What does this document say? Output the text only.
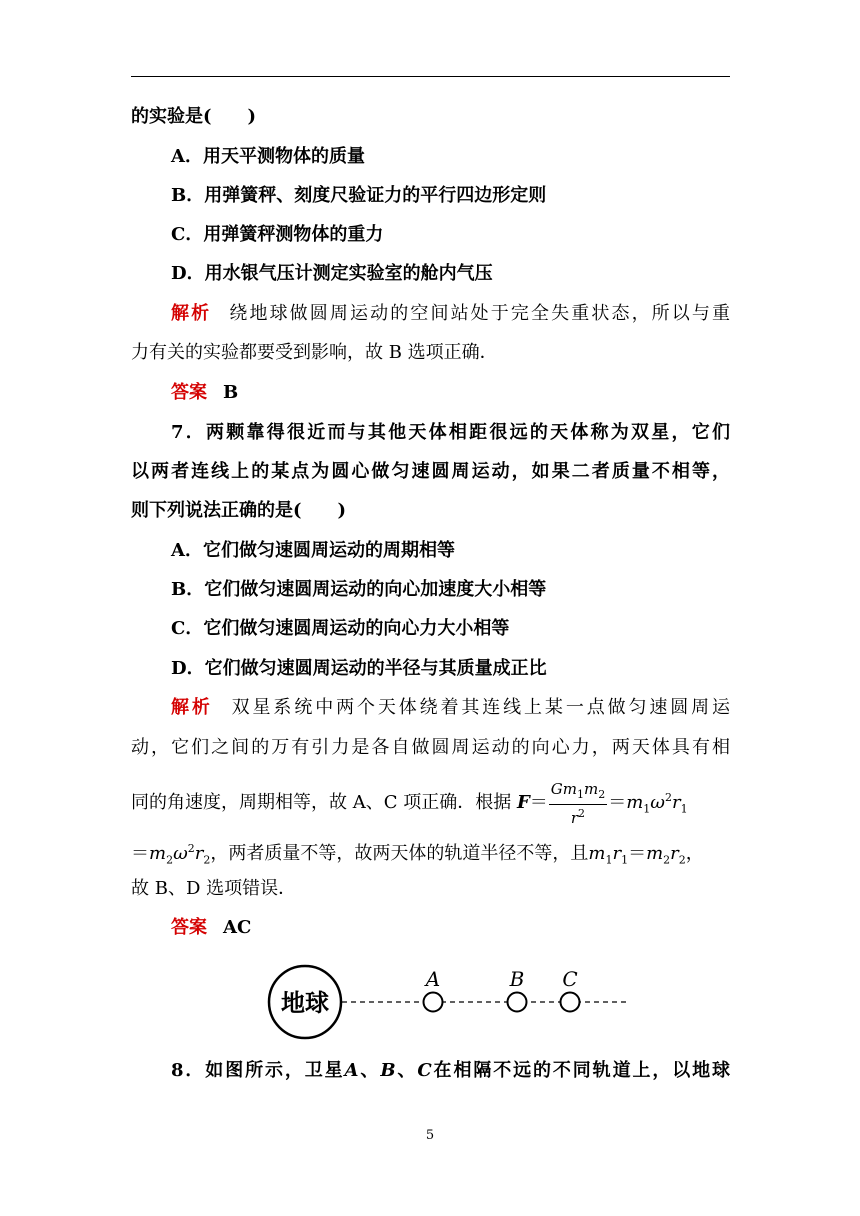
的实验是(　　)
A．用天平测物体的质量
B．用弹簧秤、刻度尺验证力的平行四边形定则
C．用弹簧秤测物体的重力
D．用水银气压计测定实验室的舱内气压
解析 绕地球做圆周运动的空间站处于完全失重状态，所以与重
力有关的实验都要受到影响，故 B 选项正确．
答案 B
7．两颗靠得很近而与其他天体相距很远的天体称为双星，它们
以两者连线上的某点为圆心做匀速圆周运动，如果二者质量不相等，
则下列说法正确的是(　　)
A．它们做匀速圆周运动的周期相等
B．它们做匀速圆周运动的向心加速度大小相等
C．它们做匀速圆周运动的向心力大小相等
D．它们做匀速圆周运动的半径与其质量成正比
解析 双星系统中两个天体绕着其连线上某一点做匀速圆周运
动，它们之间的万有引力是各自做圆周运动的向心力，两天体具有相
同的角速度，周期相等，故 A、C 项正确．根据 $F= \frac{Gm_1m_2}{r^2} =m_1\omega^2r_1$
$=m_2\omega^2r_2$，两者质量不等，故两天体的轨道半径不等，且$m_1r_1=m_2r_2$，
故 B、D 选项错误．
答案 AC
地球
A	B C
8．如图所示，卫星A、B、C在相隔不远的不同轨道上，以地球
5
